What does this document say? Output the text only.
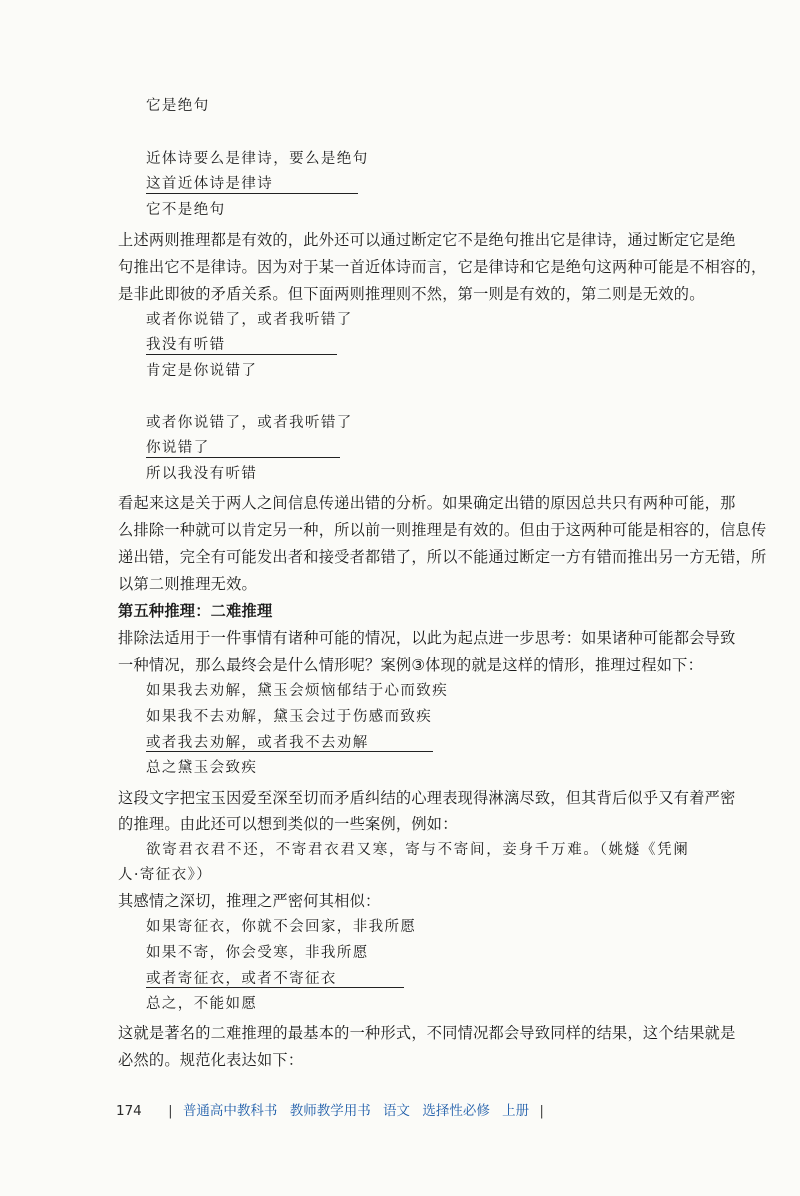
它是绝句
近体诗要么是律诗，要么是绝句
这首近体诗是律诗
它不是绝句
上述两则推理都是有效的，此外还可以通过断定它不是绝句推出它是律诗，通过断定它是绝
句推出它不是律诗。因为对于某一首近体诗而言，它是律诗和它是绝句这两种可能是不相容的，
是非此即彼的矛盾关系。但下面两则推理则不然，第一则是有效的，第二则是无效的。
或者你说错了，或者我听错了
我没有听错
肯定是你说错了
或者你说错了，或者我听错了
你说错了
所以我没有听错
看起来这是关于两人之间信息传递出错的分析。如果确定出错的原因总共只有两种可能，那
么排除一种就可以肯定另一种，所以前一则推理是有效的。但由于这两种可能是相容的，信息传
递出错，完全有可能发出者和接受者都错了，所以不能通过断定一方有错而推出另一方无错，所
以第二则推理无效。
第五种推理：二难推理
排除法适用于一件事情有诸种可能的情况，以此为起点进一步思考：如果诸种可能都会导致
一种情况，那么最终会是什么情形呢？案例③体现的就是这样的情形，推理过程如下：
如果我去劝解，黛玉会烦恼郁结于心而致疾
如果我不去劝解，黛玉会过于伤感而致疾
或者我去劝解，或者我不去劝解
总之黛玉会致疾
这段文字把宝玉因爱至深至切而矛盾纠结的心理表现得淋漓尽致，但其背后似乎又有着严密
的推理。由此还可以想到类似的一些案例，例如：
欲寄君衣君不还，不寄君衣君又寒，寄与不寄间，妾身千万难。（姚燧《凭阑
人·寄征衣》）
其感情之深切，推理之严密何其相似：
如果寄征衣，你就不会回家，非我所愿
如果不寄，你会受寒，非我所愿
或者寄征衣，或者不寄征衣
总之，不能如愿
这就是著名的二难推理的最基本的一种形式，不同情况都会导致同样的结果，这个结果就是
必然的。规范化表达如下：
174 | 普通高中教科书 教师教学用书 语文 选择性必修 上册 |
